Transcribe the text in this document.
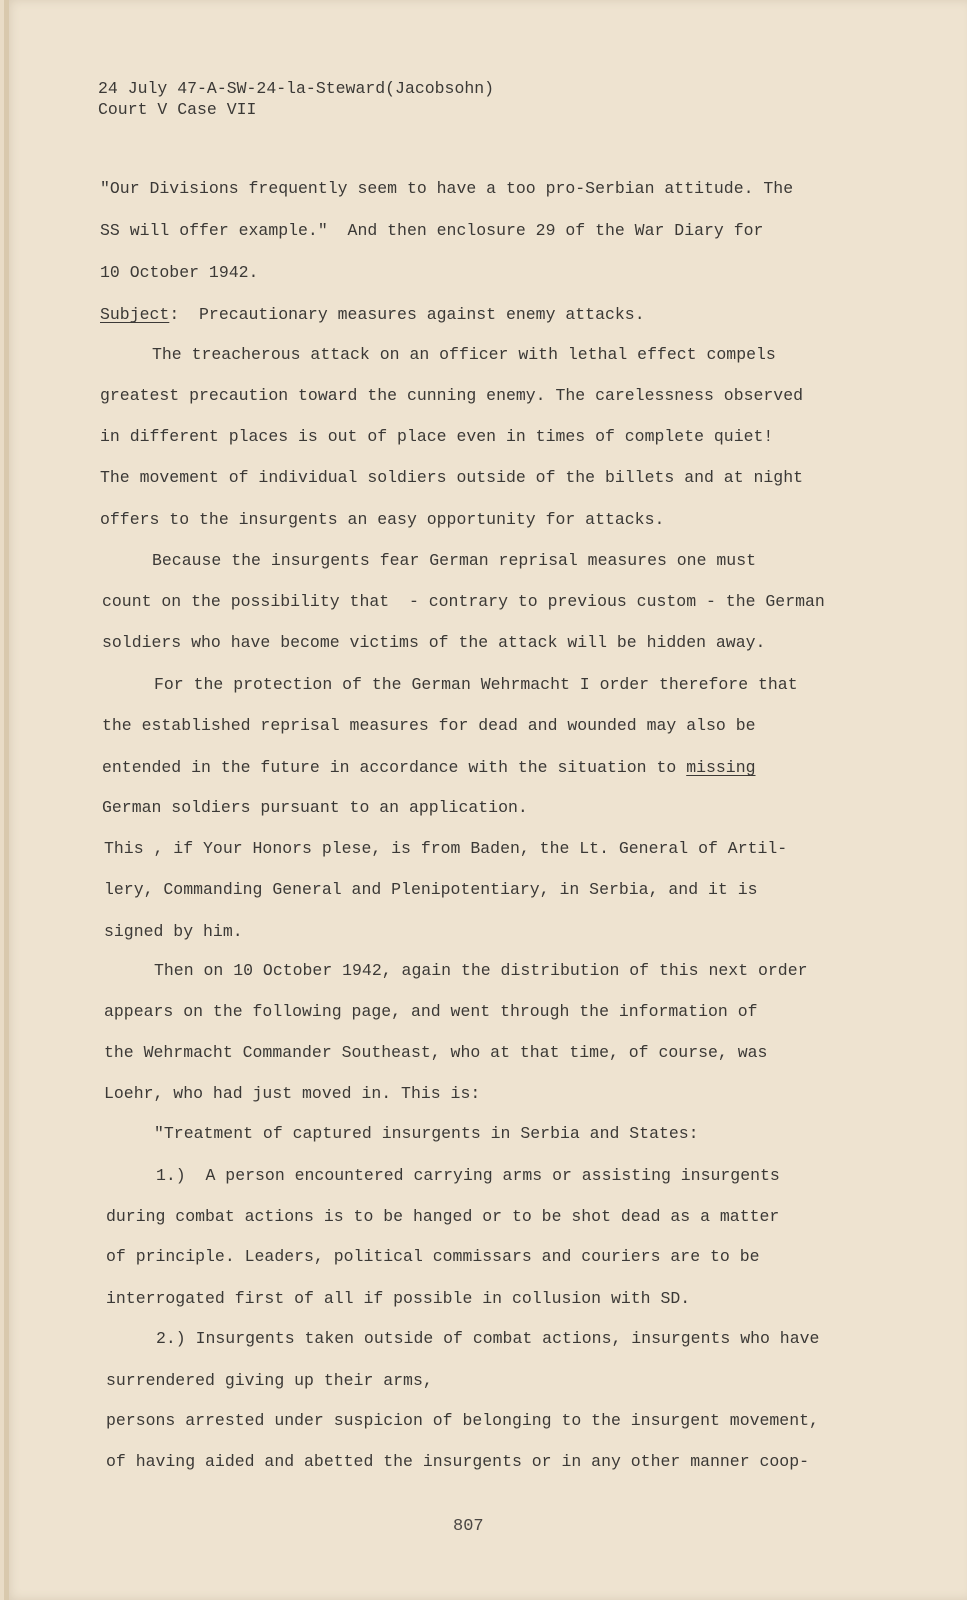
24 July 47-A-SW-24-la-Steward(Jacobsohn)
Court V Case VII
"Our Divisions frequently seem to have a too pro-Serbian attitude. The
SS will offer example."  And then enclosure 29 of the War Diary for
10 October 1942.
Subject:  Precautionary measures against enemy attacks.
The treacherous attack on an officer with lethal effect compels
greatest precaution toward the cunning enemy. The carelessness observed
in different places is out of place even in times of complete quiet!
The movement of individual soldiers outside of the billets and at night
offers to the insurgents an easy opportunity for attacks.
Because the insurgents fear German reprisal measures one must
count on the possibility that  - contrary to previous custom - the German
soldiers who have become victims of the attack will be hidden away.
For the protection of the German Wehrmacht I order therefore that
the established reprisal measures for dead and wounded may also be
entended in the future in accordance with the situation to missing
German soldiers pursuant to an application.
This , if Your Honors plese, is from Baden, the Lt. General of Artil-
lery, Commanding General and Plenipotentiary, in Serbia, and it is
signed by him.
Then on 10 October 1942, again the distribution of this next order
appears on the following page, and went through the information of
the Wehrmacht Commander Southeast, who at that time, of course, was
Loehr, who had just moved in. This is:
"Treatment of captured insurgents in Serbia and States:
1.)  A person encountered carrying arms or assisting insurgents
during combat actions is to be hanged or to be shot dead as a matter
of principle. Leaders, political commissars and couriers are to be
interrogated first of all if possible in collusion with SD.
2.) Insurgents taken outside of combat actions, insurgents who have
surrendered giving up their arms,
persons arrested under suspicion of belonging to the insurgent movement,
of having aided and abetted the insurgents or in any other manner coop-
807
